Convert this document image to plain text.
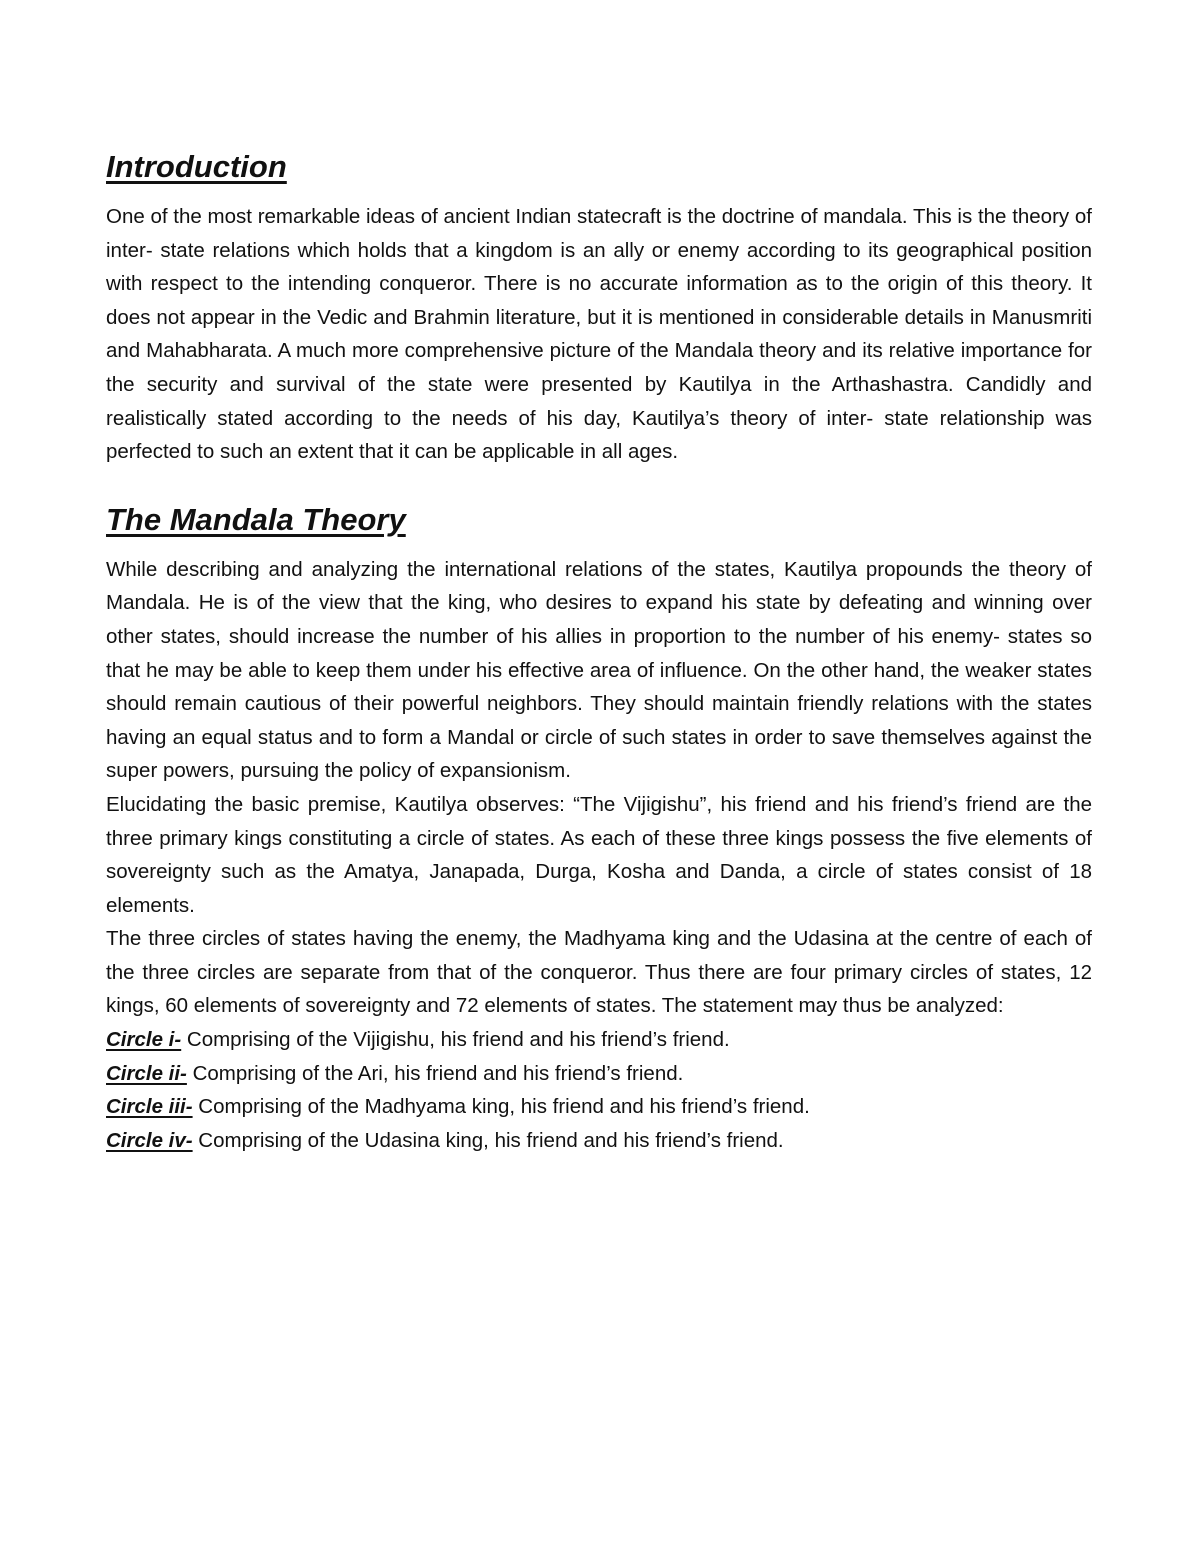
Introduction

One of the most remarkable ideas of ancient Indian statecraft is the doctrine of mandala. This is the theory of inter- state relations which holds that a kingdom is an ally or enemy according to its geographical position with respect to the intending conqueror. There is no accurate information as to the origin of this theory. It does not appear in the Vedic and Brahmin literature, but it is mentioned in considerable details in Manusmriti and Mahabharata. A much more comprehensive picture of the Mandala theory and its relative importance for the security and survival of the state were presented by Kautilya in the Arthashastra. Candidly and realistically stated according to the needs of his day, Kautilya’s theory of inter- state relationship was perfected to such an extent that it can be applicable in all ages.

The Mandala Theory

While describing and analyzing the international relations of the states, Kautilya propounds the theory of Mandala. He is of the view that the king, who desires to expand his state by defeating and winning over other states, should increase the number of his allies in proportion to the number of his enemy- states so that he may be able to keep them under his effective area of influence. On the other hand, the weaker states should remain cautious of their powerful neighbors. They should maintain friendly relations with the states having an equal status and to form a Mandal or circle of such states in order to save themselves against the super powers, pursuing the policy of expansionism.

Elucidating the basic premise, Kautilya observes: “The Vijigishu”, his friend and his friend’s friend are the three primary kings constituting a circle of states. As each of these three kings possess the five elements of sovereignty such as the Amatya, Janapada, Durga, Kosha and Danda, a circle of states consist of 18 elements.

The three circles of states having the enemy, the Madhyama king and the Udasina at the centre of each of the three circles are separate from that of the conqueror. Thus there are four primary circles of states, 12 kings, 60 elements of sovereignty and 72 elements of states. The statement may thus be analyzed:

Circle i- Comprising of the Vijigishu, his friend and his friend’s friend.

Circle ii- Comprising of the Ari, his friend and his friend’s friend.

Circle iii- Comprising of the Madhyama king, his friend and his friend’s friend.

Circle iv- Comprising of the Udasina king, his friend and his friend’s friend.
